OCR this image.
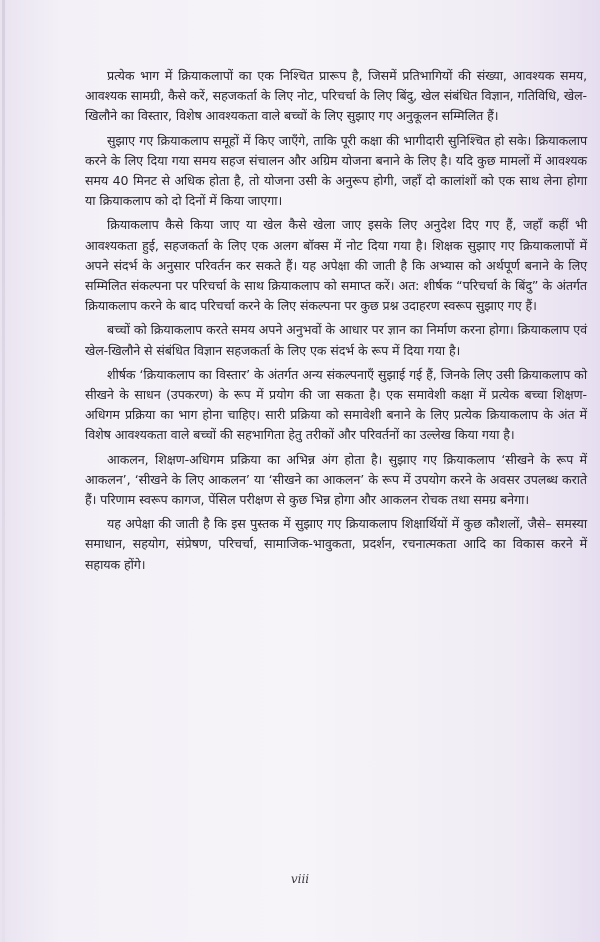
प्रत्येक भाग में क्रियाकलापों का एक निश्चित प्रारूप है, जिसमें प्रतिभागियों की संख्या, आवश्यक समय, आवश्यक सामग्री, कैसे करें, सहजकर्ता के लिए नोट, परिचर्चा के लिए बिंदु, खेल संबंधित विज्ञान, गतिविधि, खेल-खिलौने का विस्तार, विशेष आवश्यकता वाले बच्चों के लिए सुझाए गए अनुकूलन सम्मिलित हैं।

सुझाए गए क्रियाकलाप समूहों में किए जाएँगे, ताकि पूरी कक्षा की भागीदारी सुनिश्चित हो सके। क्रियाकलाप करने के लिए दिया गया समय सहज संचालन और अग्रिम योजना बनाने के लिए है। यदि कुछ मामलों में आवश्यक समय 40 मिनट से अधिक होता है, तो योजना उसी के अनुरूप होगी, जहाँ दो कालांशों को एक साथ लेना होगा या क्रियाकलाप को दो दिनों में किया जाएगा।

क्रियाकलाप कैसे किया जाए या खेल कैसे खेला जाए इसके लिए अनुदेश दिए गए हैं, जहाँ कहीं भी आवश्यकता हुई, सहजकर्ता के लिए एक अलग बॉक्स में नोट दिया गया है। शिक्षक सुझाए गए क्रियाकलापों में अपने संदर्भ के अनुसार परिवर्तन कर सकते हैं। यह अपेक्षा की जाती है कि अभ्यास को अर्थपूर्ण बनाने के लिए सम्मिलित संकल्पना पर परिचर्चा के साथ क्रियाकलाप को समाप्त करें। अत: शीर्षक “परिचर्चा के बिंदु” के अंतर्गत क्रियाकलाप करने के बाद परिचर्चा करने के लिए संकल्पना पर कुछ प्रश्न उदाहरण स्वरूप सुझाए गए हैं।

बच्चों को क्रियाकलाप करते समय अपने अनुभवों के आधार पर ज्ञान का निर्माण करना होगा। क्रियाकलाप एवं खेल-खिलौने से संबंधित विज्ञान सहजकर्ता के लिए एक संदर्भ के रूप में दिया गया है।

शीर्षक ‘क्रियाकलाप का विस्तार’ के अंतर्गत अन्य संकल्पनाएँ सुझाई गई हैं, जिनके लिए उसी क्रियाकलाप को सीखने के साधन (उपकरण) के रूप में प्रयोग की जा सकता है। एक समावेशी कक्षा में प्रत्येक बच्चा शिक्षण-अधिगम प्रक्रिया का भाग होना चाहिए। सारी प्रक्रिया को समावेशी बनाने के लिए प्रत्येक क्रियाकलाप के अंत में विशेष आवश्यकता वाले बच्चों की सहभागिता हेतु तरीकों और परिवर्तनों का उल्लेख किया गया है।

आकलन, शिक्षण-अधिगम प्रक्रिया का अभिन्न अंग होता है। सुझाए गए क्रियाकलाप ‘सीखने के रूप में आकलन’, ‘सीखने के लिए आकलन’ या ‘सीखने का आकलन’ के रूप में उपयोग करने के अवसर उपलब्ध कराते हैं। परिणाम स्वरूप कागज, पेंसिल परीक्षण से कुछ भिन्न होगा और आकलन रोचक तथा समग्र बनेगा।

यह अपेक्षा की जाती है कि इस पुस्तक में सुझाए गए क्रियाकलाप शिक्षार्थियों में कुछ कौशलों, जैसे– समस्या समाधान, सहयोग, संप्रेषण, परिचर्चा, सामाजिक-भावुकता, प्रदर्शन, रचनात्मकता आदि का विकास करने में सहायक होंगे।

viii
